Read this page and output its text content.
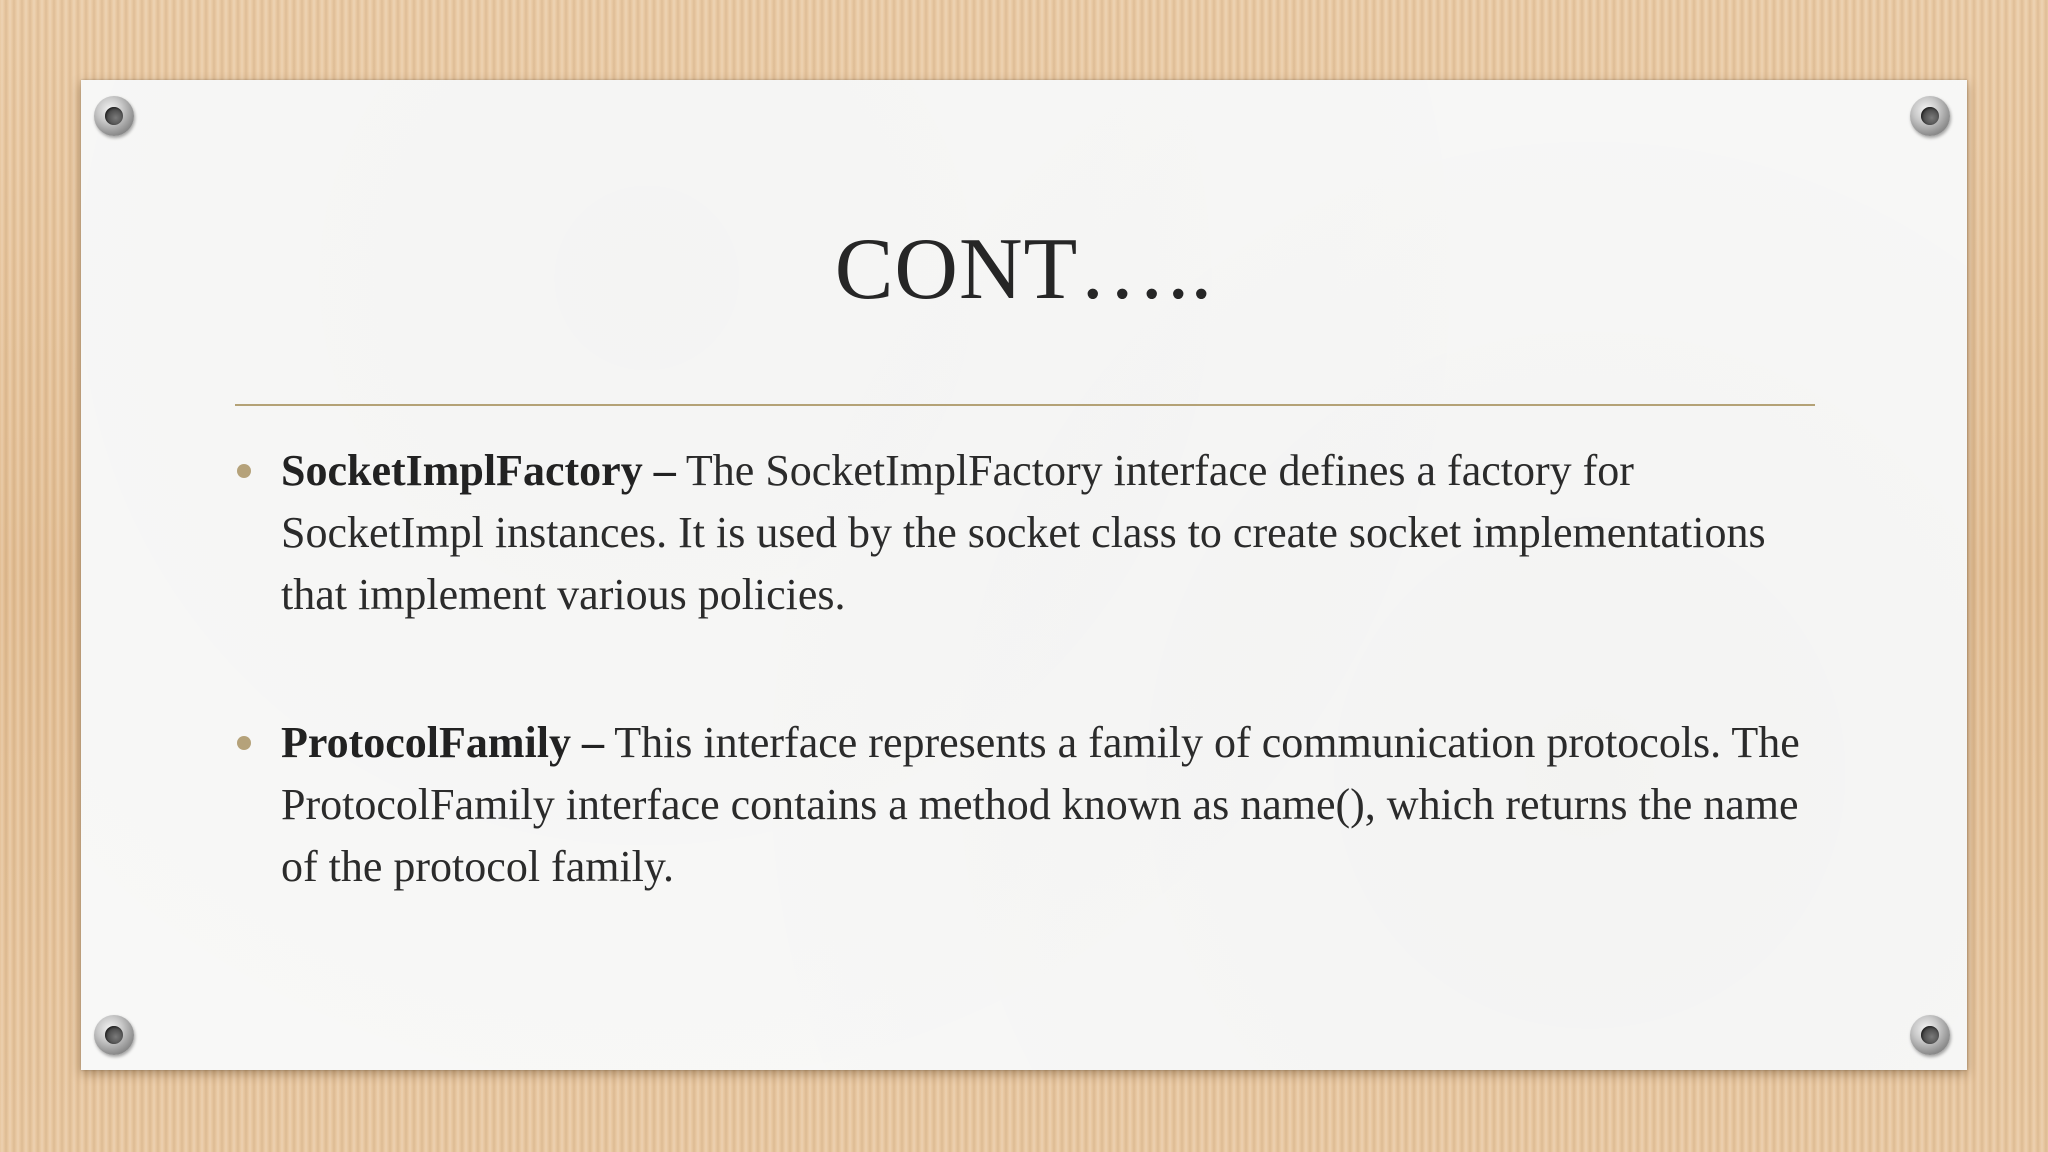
CONT…..
SocketImplFactory – The SocketImplFactory interface defines a factory for SocketImpl instances. It is used by the socket class to create socket implementations that implement various policies.
ProtocolFamily – This interface represents a family of communication protocols. The ProtocolFamily interface contains a method known as name(), which returns the name of the protocol family.
